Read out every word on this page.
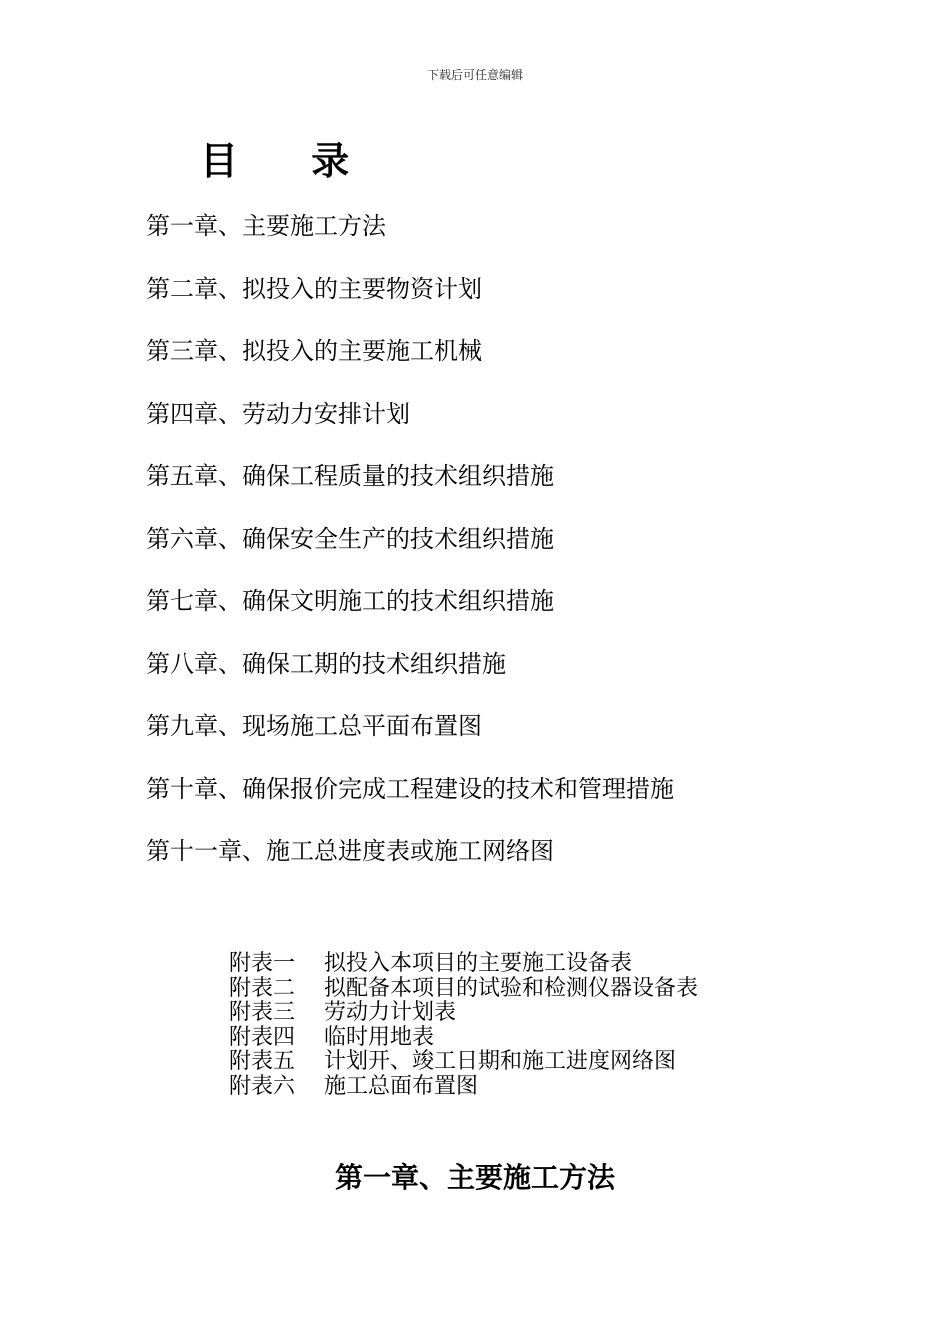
下载后可任意编辑
目 录
第一章、主要施工方法
第二章、拟投入的主要物资计划
第三章、拟投入的主要施工机械
第四章、劳动力安排计划
第五章、确保工程质量的技术组织措施
第六章、确保安全生产的技术组织措施
第七章、确保文明施工的技术组织措施
第八章、确保工期的技术组织措施
第九章、现场施工总平面布置图
第十章、确保报价完成工程建设的技术和管理措施
第十一章、施工总进度表或施工网络图
附表一 拟投入本项目的主要施工设备表
附表二 拟配备本项目的试验和检测仪器设备表
附表三 劳动力计划表
附表四 临时用地表
附表五 计划开、竣工日期和施工进度网络图
附表六 施工总面布置图
第一章、主要施工方法
